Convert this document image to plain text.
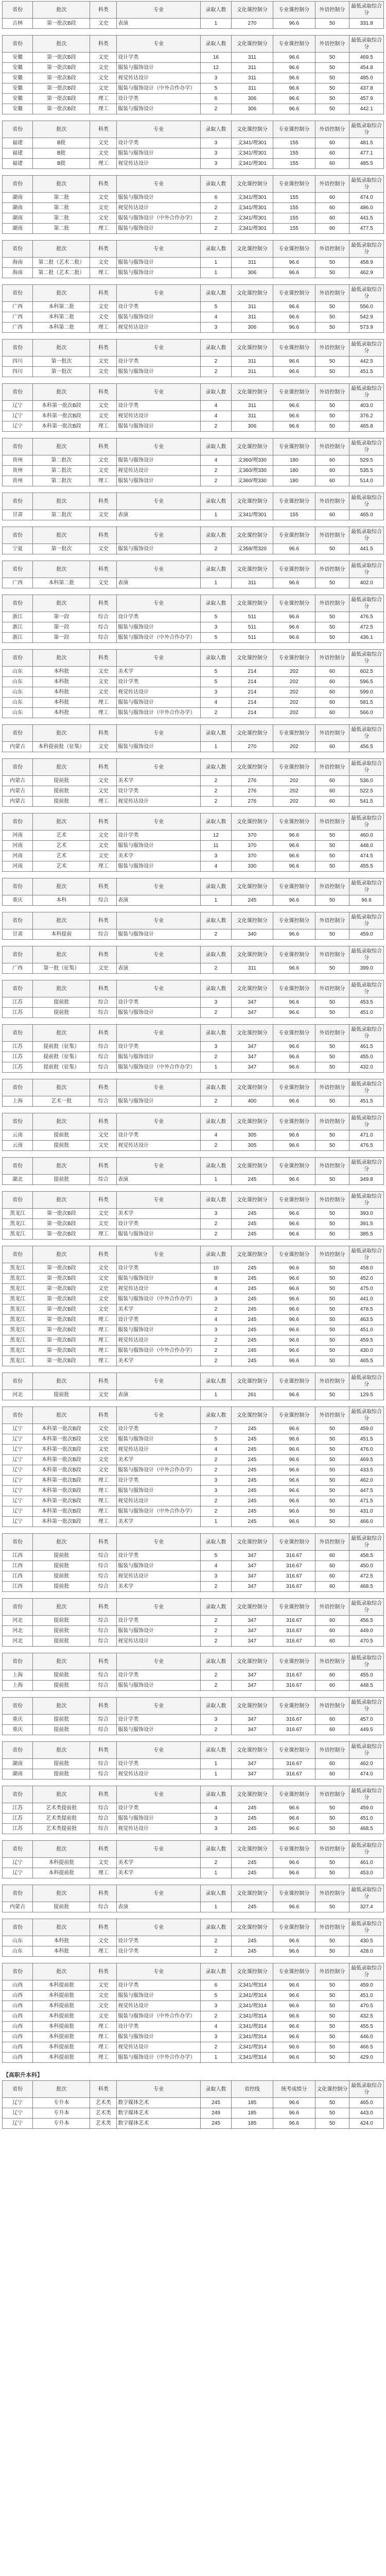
省份	批次	科类	专业	录取人数	文化课控制分	专业课控制分	外语控制分	最低录取综合分
吉林	第一批次B段	文史	表演	1	270	96.6	50	331.8
省份	批次	科类	专业	录取人数	文化课控制分	专业课控制分	外语控制分	最低录取综合分
安徽	第一批次B段	文史	设计学类	16	311	96.6	50	469.5
安徽	第一批次B段	文史	服装与服饰设计	12	311	96.6	50	454.8
安徽	第一批次B段	文史	视觉传达设计	3	311	96.6	50	485.0
安徽	第一批次B段	文史	服装与服饰设计（中外合作办学）	5	311	96.6	50	437.8
安徽	第一批次B段	理工	设计学类	6	306	96.6	50	457.9
安徽	第一批次B段	理工	服装与服饰设计	2	306	96.6	50	442.1
省份	批次	科类	专业	录取人数	文化课控制分	专业课控制分	外语控制分	最低录取综合分
福建	B批	文史	设计学类	3	文341/理301	155	60	481.5
福建	B批	文史	服装与服饰设计	3	文341/理301	155	60	477.1
福建	B批	理工	视觉传达设计	3	文341/理301	155	60	485.5
省份	批次	科类	专业	录取人数	文化课控制分	专业课控制分	外语控制分	最低录取综合分
湖南	第二批	文史	服装与服饰设计	6	文341/理301	155	60	474.0
湖南	第二批	文史	视觉传达设计	2	文341/理301	155	60	486.0
湖南	第二批	文史	服装与服饰设计（中外合作办学）	2	文341/理301	155	60	441.5
湖南	第二批	理工	服装与服饰设计	2	文341/理301	155	60	477.5
省份	批次	科类	专业	录取人数	文化课控制分	专业课控制分	外语控制分	最低录取综合分
海南	第二批（艺术二批）	文史	服装与服饰设计	1	311	96.6	50	458.9
海南	第二批（艺术二批）	理工	服装与服饰设计	1	306	96.6	50	462.9
省份	批次	科类	专业	录取人数	文化课控制分	专业课控制分	外语控制分	最低录取综合分
广西	本科第二批	文史	设计学类	5	311	96.6	50	556.0
广西	本科第二批	文史	服装与服饰设计	4	311	96.6	50	542.9
广西	本科第二批	理工	视觉传达设计	3	306	96.6	50	573.9
省份	批次	科类	专业	录取人数	文化课控制分	专业课控制分	外语控制分	最低录取综合分
四川	第一批次	文史	设计学类	2	311	96.6	50	442.5
四川	第一批次	文史	服装与服饰设计	2	311	96.6	50	451.5
省份	批次	科类	专业	录取人数	文化课控制分	专业课控制分	外语控制分	最低录取综合分
辽宁	本科第一批次B段	文史	设计学类	4	311	96.6	50	403.0
辽宁	本科第一批次B段	文史	视觉传达设计	4	311	96.6	50	376.2
辽宁	本科第一批次B段	理工	服装与服饰设计	2	306	96.6	50	465.8
省份	批次	科类	专业	录取人数	文化课控制分	专业课控制分	外语控制分	最低录取综合分
贵州	第二批次	文史	服装与服饰设计	4	文360/理330	180	60	529.5
贵州	第二批次	文史	视觉传达设计	2	文360/理330	180	60	535.5
贵州	第二批次	理工	服装与服饰设计	2	文360/理330	180	60	514.0
省份	批次	科类	专业	录取人数	文化课控制分	专业课控制分	外语控制分	最低录取综合分
甘肃	第二批次	文史	表演	1	文341/理301	155	60	465.0
省份	批次	科类	专业	录取人数	文化课控制分	专业课控制分	外语控制分	最低录取综合分
宁夏	第一批次	文史	服装与服饰设计	2	文358/理320	96.6	50	441.5
省份	批次	科类	专业	录取人数	文化课控制分	专业课控制分	外语控制分	最低录取综合分
广西	本科第二批	文史	表演	1	311	96.6	50	402.0
省份	批次	科类	专业	录取人数	文化课控制分	专业课控制分	外语控制分	最低录取综合分
浙江	第一段	综合	设计学类	5	511	96.6	50	476.5
浙江	第一段	综合	服装与服饰设计	3	511	96.6	50	472.5
浙江	第一段	综合	服装与服饰设计（中外合作办学）	5	511	96.6	50	436.1
省份	批次	科类	专业	录取人数	文化课控制分	专业课控制分	外语控制分	最低录取综合分
山东	本科批	文史	美术学	5	214	202	60	602.5
山东	本科批	文史	设计学类	5	214	202	60	596.5
山东	本科批	文史	视觉传达设计	3	214	202	60	599.0
山东	本科批	理工	服装与服饰设计	4	214	202	60	581.5
山东	本科批	理工	服装与服饰设计（中外合作办学）	2	214	202	60	566.0
省份	批次	科类	专业	录取人数	文化课控制分	专业课控制分	外语控制分	最低录取综合分
内蒙古	本科提前批（征集）	文史	服装与服饰设计	1	270	202	60	456.5
省份	批次	科类	专业	录取人数	文化课控制分	专业课控制分	外语控制分	最低录取综合分
内蒙古	提前批	文史	美术学	2	276	202	60	536.0
内蒙古	提前批	文史	设计学类	2	276	202	60	522.5
内蒙古	提前批	理工	视觉传达设计	2	276	202	60	541.5
省份	批次	科类	专业	录取人数	文化课控制分	专业课控制分	外语控制分	最低录取综合分
河南	艺术	文史	设计学类	12	370	96.6	50	460.0
河南	艺术	文史	服装与服饰设计	11	370	96.6	50	448.0
河南	艺术	文史	美术学	3	370	96.6	50	474.5
河南	艺术	理工	服装与服饰设计	4	330	96.6	50	455.5
省份	批次	科类	专业	录取人数	文化课控制分	专业课控制分	外语控制分	最低录取综合分
重庆	本科	综合	表演	1	245	96.6	50	96.6
省份	批次	科类	专业	录取人数	文化课控制分	专业课控制分	外语控制分	最低录取综合分
甘肃	本科提前	综合	服装与服饰设计	2	340	96.6	50	459.0
省份	批次	科类	专业	录取人数	文化课控制分	专业课控制分	外语控制分	最低录取综合分
广西	第一批（征集）	文史	表演	2	311	96.6	50	399.0
省份	批次	科类	专业	录取人数	文化课控制分	专业课控制分	外语控制分	最低录取综合分
江苏	提前批	综合	设计学类	3	347	96.6	50	453.5
江苏	提前批	综合	服装与服饰设计	2	347	96.6	50	451.0
省份	批次	科类	专业	录取人数	文化课控制分	专业课控制分	外语控制分	最低录取综合分
江苏	提前批（征集）	综合	设计学类	3	347	96.6	50	461.5
江苏	提前批（征集）	综合	服装与服饰设计	2	347	96.6	50	455.0
江苏	提前批（征集）	综合	服装与服饰设计（中外合作办学）	1	347	96.6	50	432.0
省份	批次	科类	专业	录取人数	文化课控制分	专业课控制分	外语控制分	最低录取综合分
上海	艺术一批	综合	服装与服饰设计	2	400	96.6	50	451.5
省份	批次	科类	专业	录取人数	文化课控制分	专业课控制分	外语控制分	最低录取综合分
云南	提前批	文史	设计学类	4	305	96.6	50	471.0
云南	提前批	文史	视觉传达设计	2	305	96.6	50	476.5
省份	批次	科类	专业	录取人数	文化课控制分	专业课控制分	外语控制分	最低录取综合分
湖北	提前批	综合	表演	1	245	96.6	50	349.8
省份	批次	科类	专业	录取人数	文化课控制分	专业课控制分	外语控制分	最低录取综合分
黑龙江	第一批次B段	文史	美术学	3	245	96.6	50	393.0
黑龙江	第一批次B段	文史	设计学类	2	245	96.6	50	391.5
黑龙江	第一批次B段	理工	服装与服饰设计	2	245	96.6	50	385.5
省份	批次	科类	专业	录取人数	文化课控制分	专业课控制分	外语控制分	最低录取综合分
黑龙江	第一批次B段	文史	设计学类	10	245	96.6	50	458.0
黑龙江	第一批次B段	文史	服装与服饰设计	8	245	96.6	50	452.0
黑龙江	第一批次B段	文史	视觉传达设计	4	245	96.6	50	475.0
黑龙江	第一批次B段	文史	服装与服饰设计（中外合作办学）	3	245	96.6	50	441.0
黑龙江	第一批次B段	文史	美术学	2	245	96.6	50	478.5
黑龙江	第一批次B段	理工	设计学类	4	245	96.6	50	463.5
黑龙江	第一批次B段	理工	服装与服饰设计	3	245	96.6	50	451.0
黑龙江	第一批次B段	理工	视觉传达设计	2	245	96.6	50	459.5
黑龙江	第一批次B段	理工	服装与服饰设计（中外合作办学）	2	245	96.6	50	430.0
黑龙江	第一批次B段	理工	美术学	2	245	96.6	50	465.5
省份	批次	科类	专业	录取人数	文化课控制分	专业课控制分	外语控制分	最低录取综合分
河北	提前批	文史	表演	1	261	96.6	50	129.5
省份	批次	科类	专业	录取人数	文化课控制分	专业课控制分	外语控制分	最低录取综合分
辽宁	本科第一批次B段	文史	设计学类	7	245	96.6	50	459.0
辽宁	本科第一批次B段	文史	服装与服饰设计	5	245	96.6	50	451.5
辽宁	本科第一批次B段	文史	视觉传达设计	4	245	96.6	50	476.0
辽宁	本科第一批次B段	文史	美术学	2	245	96.6	50	469.5
辽宁	本科第一批次B段	文史	服装与服饰设计（中外合作办学）	2	245	96.6	50	433.5
辽宁	本科第一批次B段	理工	设计学类	3	245	96.6	50	462.0
辽宁	本科第一批次B段	理工	服装与服饰设计	3	245	96.6	50	447.5
辽宁	本科第一批次B段	理工	视觉传达设计	2	245	96.6	50	471.5
辽宁	本科第一批次B段	理工	服装与服饰设计（中外合作办学）	2	245	96.6	50	431.0
辽宁	本科第一批次B段	理工	美术学	1	245	96.6	50	466.0
省份	批次	科类	专业	录取人数	文化课控制分	专业课控制分	外语控制分	最低录取综合分
江西	提前批	综合	设计学类	5	347	316.67	60	458.5
江西	提前批	综合	服装与服饰设计	4	347	316.67	60	450.0
江西	提前批	综合	视觉传达设计	3	347	316.67	60	472.5
江西	提前批	综合	美术学	2	347	316.67	60	468.5
省份	批次	科类	专业	录取人数	文化课控制分	专业课控制分	外语控制分	最低录取综合分
河北	提前批	综合	设计学类	2	347	316.67	60	456.5
河北	提前批	综合	服装与服饰设计	2	347	316.67	60	449.0
河北	提前批	综合	视觉传达设计	2	347	316.67	60	470.5
省份	批次	科类	专业	录取人数	文化课控制分	专业课控制分	外语控制分	最低录取综合分
上海	提前批	综合	设计学类	2	347	316.67	60	455.0
上海	提前批	综合	服装与服饰设计	2	347	316.67	60	448.5
省份	批次	科类	专业	录取人数	文化课控制分	专业课控制分	外语控制分	最低录取综合分
重庆	提前批	综合	设计学类	3	347	316.67	60	457.0
重庆	提前批	综合	服装与服饰设计	2	347	316.67	60	449.5
省份	批次	科类	专业	录取人数	文化课控制分	专业课控制分	外语控制分	最低录取综合分
湖南	提前批	综合	设计学类	1	347	316.67	60	462.0
湖南	提前批	综合	视觉传达设计	1	347	316.67	60	474.0
省份	批次	科类	专业	录取人数	文化课控制分	专业课控制分	外语控制分	最低录取综合分
江苏	艺术类提前批	综合	设计学类	4	245	96.6	50	459.0
江苏	艺术类提前批	综合	服装与服饰设计	3	245	96.6	50	451.0
江苏	艺术类提前批	综合	视觉传达设计	3	245	96.6	50	468.5
省份	批次	科类	专业	录取人数	文化课控制分	专业课控制分	外语控制分	最低录取综合分
辽宁	本科提前批	文史	美术学	2	245	96.6	50	461.0
辽宁	本科提前批	理工	美术学	1	245	96.6	50	453.0
省份	批次	科类	专业	录取人数	文化课控制分	专业课控制分	外语控制分	最低录取综合分
内蒙古	提前批	综合	表演	1	245	96.6	50	327.4
省份	批次	科类	专业	录取人数	文化课控制分	专业课控制分	外语控制分	最低录取综合分
山东	本科批	文史	设计学类	2	245	96.6	50	430.5
山东	本科批	理工	设计学类	2	245	96.6	50	428.0
省份	批次	科类	专业	录取人数	文化课控制分	专业课控制分	外语控制分	最低录取综合分
山西	本科提前批	文史	设计学类	6	文341/理314	96.6	50	459.0
山西	本科提前批	文史	服装与服饰设计	5	文341/理314	96.6	50	451.0
山西	本科提前批	文史	视觉传达设计	3	文341/理314	96.6	50	470.5
山西	本科提前批	文史	服装与服饰设计（中外合作办学）	2	文341/理314	96.6	50	432.5
山西	本科提前批	理工	设计学类	4	文341/理314	96.6	50	455.5
山西	本科提前批	理工	服装与服饰设计	3	文341/理314	96.6	50	446.0
山西	本科提前批	理工	视觉传达设计	2	文341/理314	96.6	50	466.5
山西	本科提前批	理工	服装与服饰设计（中外合作办学）	1	文341/理314	96.6	50	429.0
【高职升本科】
省份	批次	科类	专业	录取人数	省控线	统考成绩分	文化课控制分	最低录取综合分
辽宁	专升本	艺术类	数字媒体艺术	245	185	96.6	50	465.0
辽宁	专升本	艺术类	数字媒体艺术	249	185	96.6	50	443.0
辽宁	专升本	艺术类	数字媒体艺术	245	185	96.6	50	424.0
